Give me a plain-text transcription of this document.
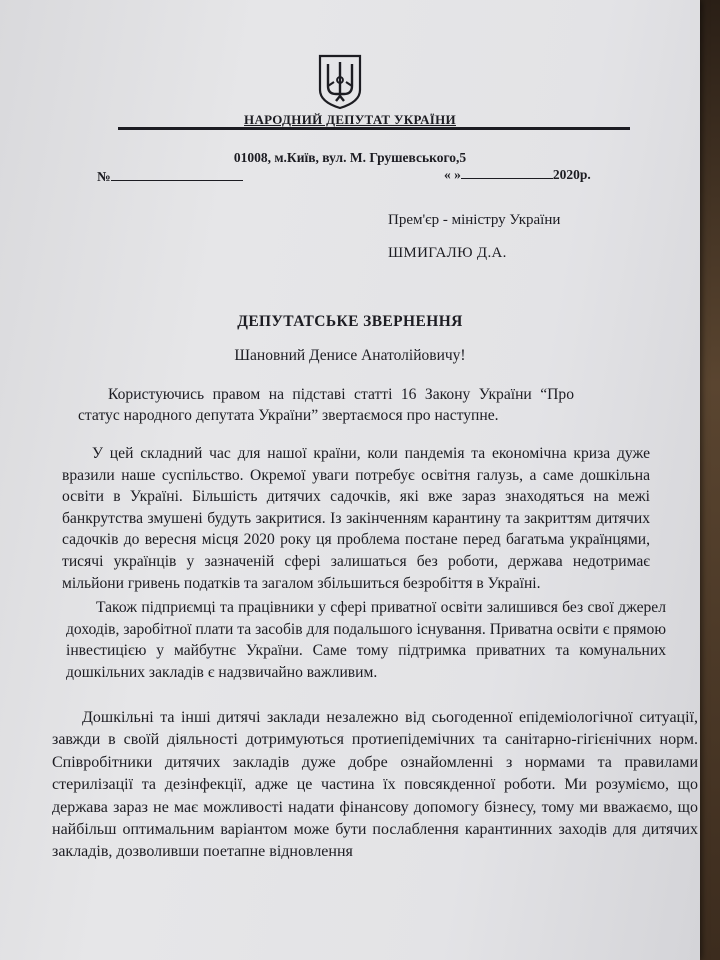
НАРОДНИЙ ДЕПУТАТ УКРАЇНИ
01008, м.Київ, вул. М. Грушевського,5
№	« »	2020р.
Прем'єр - міністру України
ШМИГАЛЮ Д.А.
ДЕПУТАТСЬКЕ ЗВЕРНЕННЯ
Шановний Денисе Анатолійовичу!
Користуючись правом на підставі статті 16 Закону України “Про статус народного депутата України” звертаємося про наступне.
У цей складний час для нашої країни, коли пандемія та економічна криза дуже вразили наше суспільство. Окремої уваги потребує освітня галузь, а саме дошкільна освіти в Україні. Більшість дитячих садочків, які вже зараз знаходяться на межі банкрутства змушені будуть закритися. Із закінченням карантину та закриттям дитячих садочків до вересня місця 2020 року ця проблема постане перед багатьма українцями, тисячі українців у зазначеній сфері залишаться без роботи, держава недотримає мільйони гривень податків та загалом збільшиться безробіття в Україні.
Також підприємці та працівники у сфері приватної освіти залишився без свої джерел доходів, заробітної плати та засобів для подальшого існування. Приватна освіти є прямою інвестицією у майбутнє України. Саме тому підтримка приватних та комунальних дошкільних закладів є надзвичайно важливим.
Дошкільні та інші дитячі заклади незалежно від сьогоденної епідеміологічної ситуації, завжди в своїй діяльності дотримуються протиепідемічних та санітарно-гігієнічних норм. Співробітники дитячих закладів дуже добре ознайомленні з нормами та правилами стерилізації та дезінфекції, адже це частина їх повсякденної роботи. Ми розуміємо, що держава зараз не має можливості надати фінансову допомогу бізнесу, тому ми вважаємо, що найбільш оптимальним варіантом може бути послаблення карантинних заходів для дитячих закладів, дозволивши поетапне відновлення
